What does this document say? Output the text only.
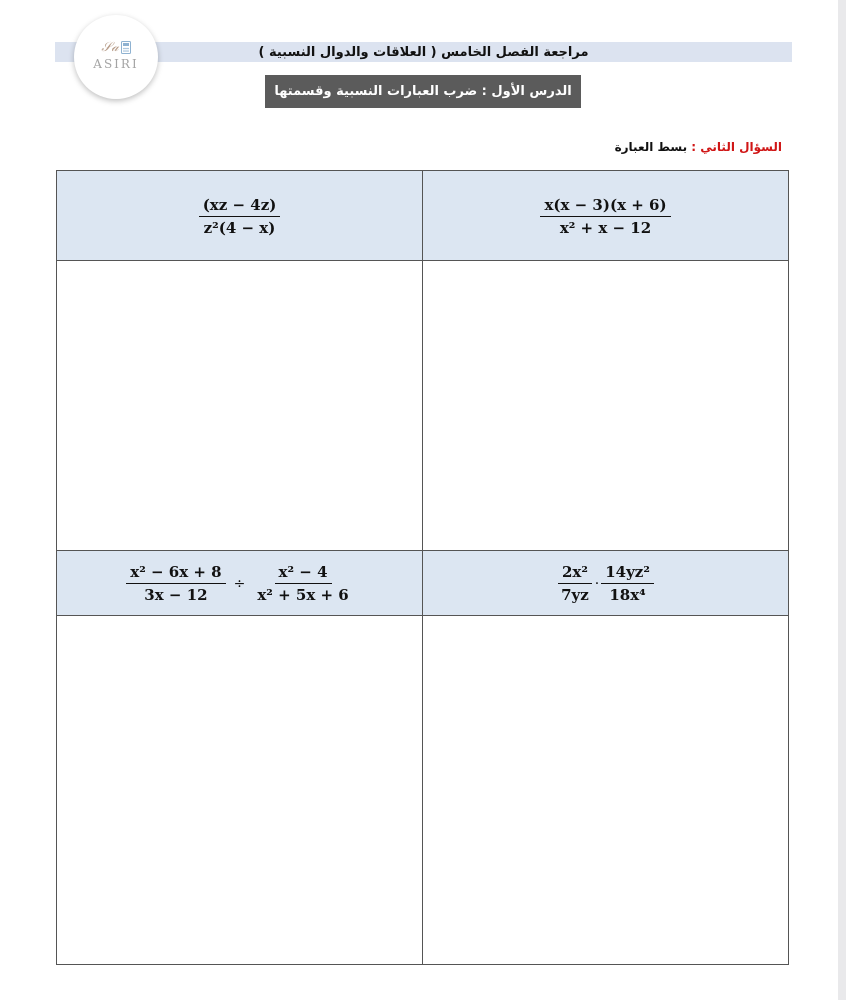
مراجعة الفصل الخامس ( العلاقات والدوال النسبية )
𝒮𝒶
ASIRI
الدرس الأول : ضرب العبارات النسبية وقسمتها
السؤال الثاني : بسط العبارة
$\frac{(xz - 4z)}{\text{z²(4 − x)}}$	$\frac{x(x - 3)(x + 6)}{\text{x² + x − 12}}$

$\frac{\text{x² − 6x + 8}}{3x - 12} \div \frac{\text{x² − 4}}{\text{x² + 5x + 6}}$	$\frac{\text{2x²}}{7yz} \cdot \frac{\text{14yz²}}{\text{18x⁴}}$
